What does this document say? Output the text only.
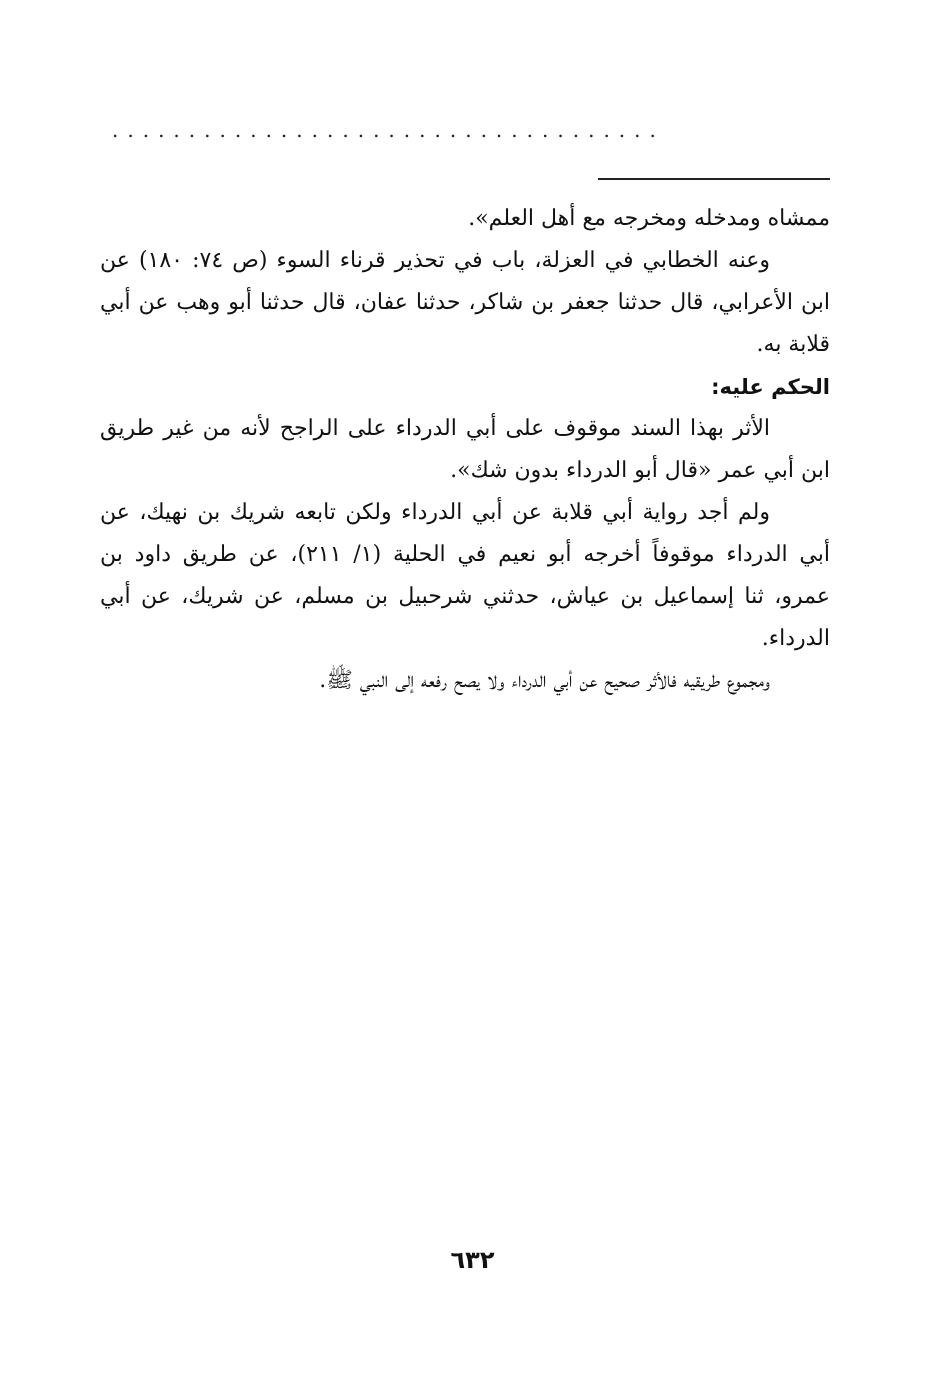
....................................

ممشاه ومدخله ومخرجه مع أهل العلم».

وعنه الخطابي في العزلة، باب في تحذير قرناء السوء (ص ٧٤: ١٨٠) عن ابن الأعرابي، قال حدثنا جعفر بن شاكر، حدثنا عفان، قال حدثنا أبو وهب عن أبي قلابة به.

الحكم عليه:

الأثر بهذا السند موقوف على أبي الدرداء على الراجح لأنه من غير طريق ابن أبي عمر «قال أبو الدرداء بدون شك».

ولم أجد رواية أبي قلابة عن أبي الدرداء ولكن تابعه شريك بن نهيك، عن أبي الدرداء موقوفاً أخرجه أبو نعيم في الحلية (١/ ٢١١)، عن طريق داود بن عمرو، ثنا إسماعيل بن عياش، حدثني شرحبيل بن مسلم، عن شريك، عن أبي الدرداء.

ومجموع طريقيه فالأثر صحيح عن أبي الدرداء ولا يصح رفعه إلى النبي ﷺ.

٦٣٢
